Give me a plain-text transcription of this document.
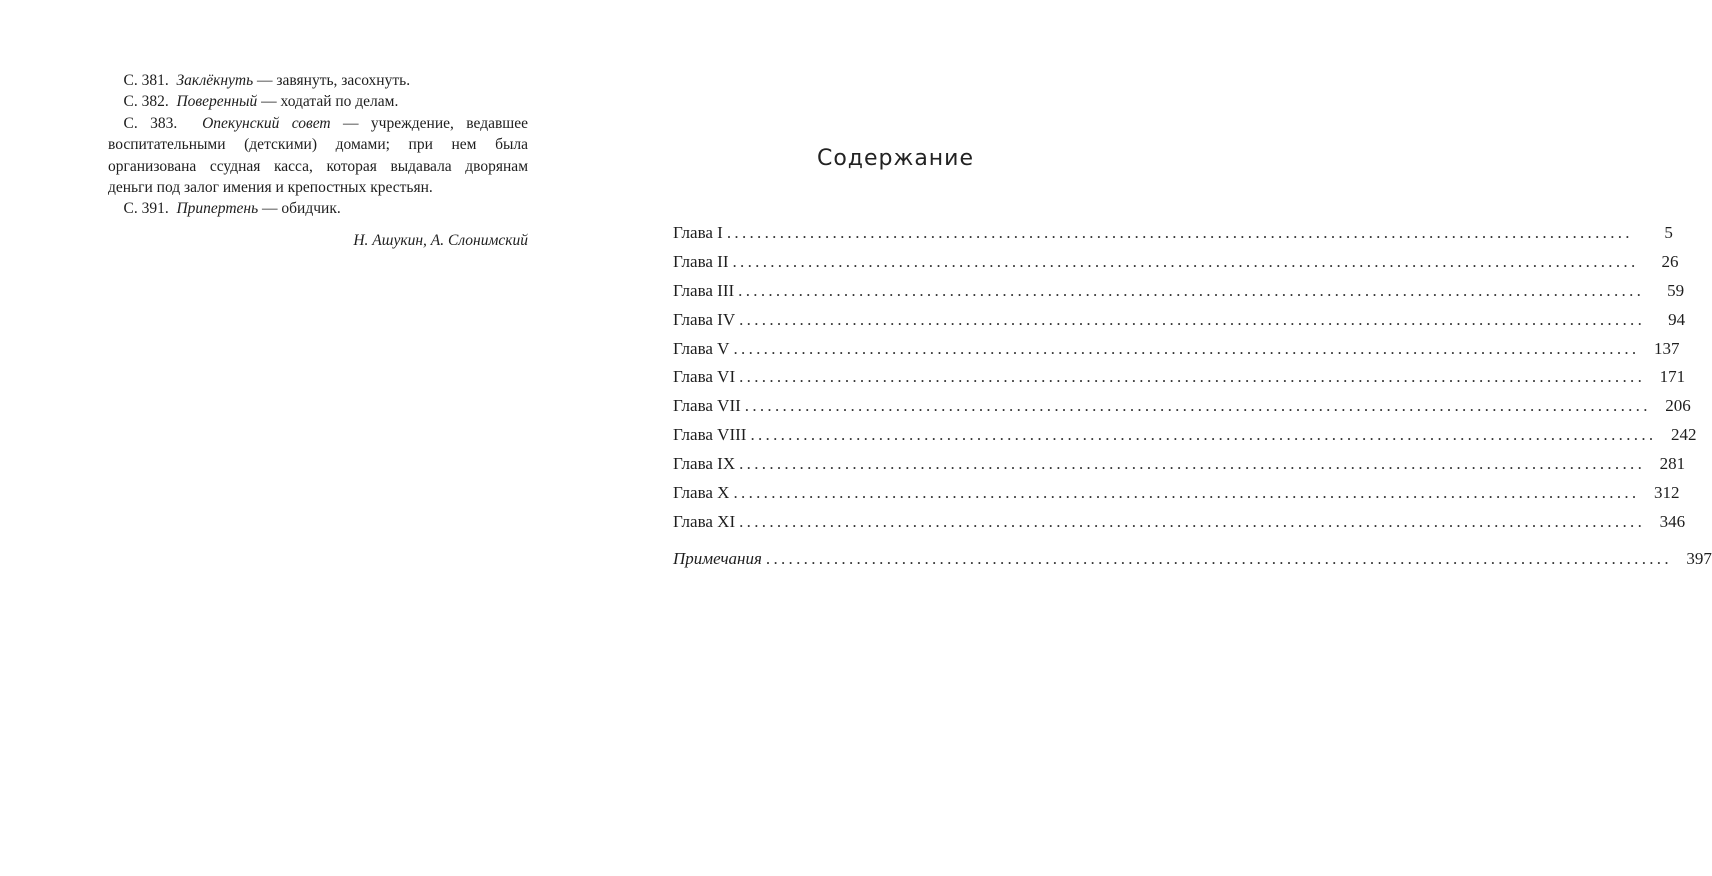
 С. 381. Заклёкнуть — завянуть, засохнуть.

 С. 382. Поверенный — ходатай по делам.

 С. 383. Опекунский совет — учреждение, ведавшее воспитательными (детскими) домами; при нем была организована ссудная касса, которая выдавала дворянам деньги под залог имения и крепостных крестьян.

 С. 391. Припертень — обидчик.

Н. Ашукин, А. Слонимский
Содержание
Глава I ........................................................................................................................	5
Глава II ........................................................................................................................	26
Глава III ........................................................................................................................	59
Глава IV ........................................................................................................................	94
Глава V ........................................................................................................................ 137
Глава VI ........................................................................................................................ 171
Глава VII ........................................................................................................................ 206
Глава VIII ........................................................................................................................ 242
Глава IX ........................................................................................................................ 281
Глава X ........................................................................................................................ 312
Глава XI ........................................................................................................................ 346
Примечания ........................................................................................................................ 397
